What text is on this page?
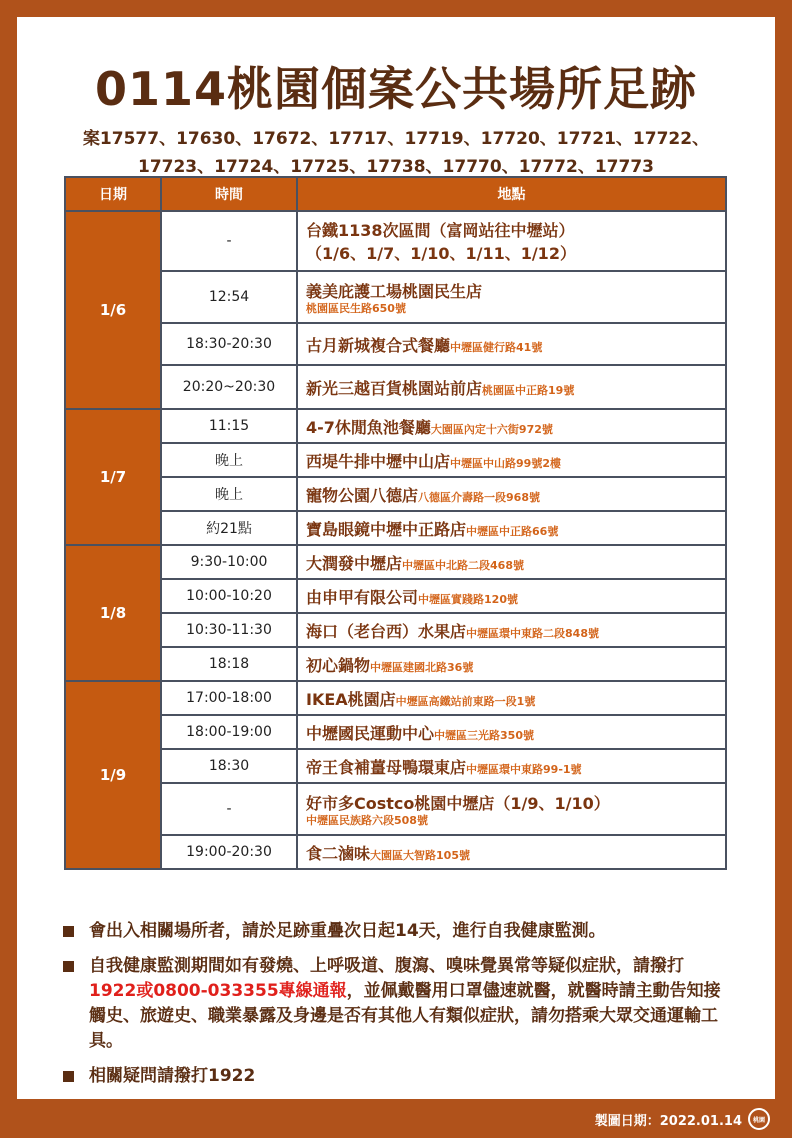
0114桃園個案公共場所足跡
案17577、17630、17672、17717、17719、17720、17721、17722、
17723、17724、17725、17738、17770、17772、17773
日期	時間	地點
1/6	-	台鐵1138次區間（富岡站往中壢站）
（1/6、1/7、1/10、1/11、1/12）

	12:54	義美庇護工場桃園民生店
桃園區民生路650號

	18:30-20:30	古月新城複合式餐廳中壢區健行路41號
	20:20~20:30	新光三越百貨桃園站前店桃園區中正路19號
1/7	11:15	4-7休閒魚池餐廳大園區內定十六街972號
	晚上	西堤牛排中壢中山店中壢區中山路99號2樓
	晚上	寵物公園八德店八德區介壽路一段968號
	約21點	寶島眼鏡中壢中正路店中壢區中正路66號
1/8	9:30-10:00	大潤發中壢店中壢區中北路二段468號
	10:00-10:20	由申甲有限公司中壢區實踐路120號
	10:30-11:30	海口（老台西）水果店中壢區環中東路二段848號
	18:18	初心鍋物中壢區建國北路36號
1/9	17:00-18:00	IKEA桃園店中壢區高鐵站前東路一段1號
	18:00-19:00	中壢國民運動中心中壢區三光路350號
	18:30	帝王食補薑母鴨環東店中壢區環中東路99-1號
	-	好市多Costco桃園中壢店（1/9、1/10）
中壢區民族路六段508號

	19:00-20:30	食二滷味大園區大智路105號
會出入相關場所者，請於足跡重疊次日起14天，進行自我健康監測。
自我健康監測期間如有發燒、上呼吸道、腹瀉、嗅味覺異常等疑似症狀，請撥打1922或0800-033355專線通報，並佩戴醫用口罩儘速就醫，就醫時請主動告知接觸史、旅遊史、職業暴露及身邊是否有其他人有類似症狀，請勿搭乘大眾交通運輸工具。
相關疑問請撥打1922
製圖日期：2022.01.14	桃園
